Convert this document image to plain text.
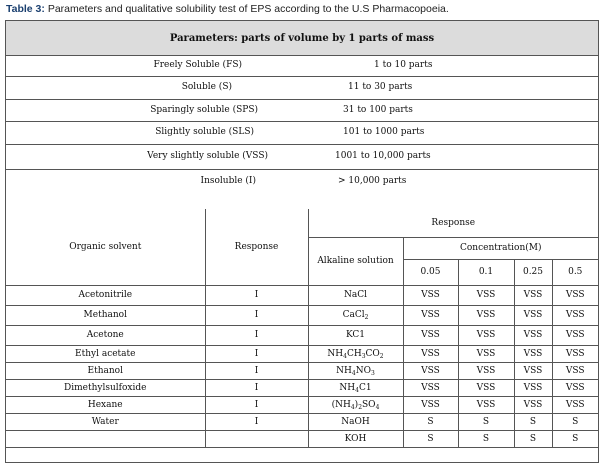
Table 3: Parameters and qualitative solubility test of EPS according to the U.S Pharmacopoeia.
Parameters: parts of volume by 1 parts of mass
Freely Soluble (FS)	1 to 10 parts
Soluble (S)	11 to 30 parts
Sparingly soluble (SPS)	31 to 100 parts
Slightly soluble (SLS)	101 to 1000 parts
Very slightly soluble (VSS)	1001 to 10,000 parts
Insoluble (I)	> 10,000 parts
Organic solvent	Response	Response				
		Alkaline solution	Concentration(M)			
			0.05	0.1	0.25	0.5
Acetonitrile	I	NaCl	VSS	VSS	VSS	VSS
Methanol	I	CaCl$_2$	VSS	VSS	VSS	VSS
Acetone	I	KC1	VSS	VSS	VSS	VSS
Ethyl acetate	I	$NH_4CH_3CO_2$	VSS	VSS	VSS	VSS
Ethanol	I	$NH_4NO_3$	VSS	VSS	VSS	VSS
Dimethylsulfoxide	I	$NH_4C1$	VSS	VSS	VSS	VSS
Hexane	I	$(NH_4)_2SO_4$	VSS	VSS	VSS	VSS
Water	I	NaOH	S	S	S	S
		KOH	S	S	S	S
